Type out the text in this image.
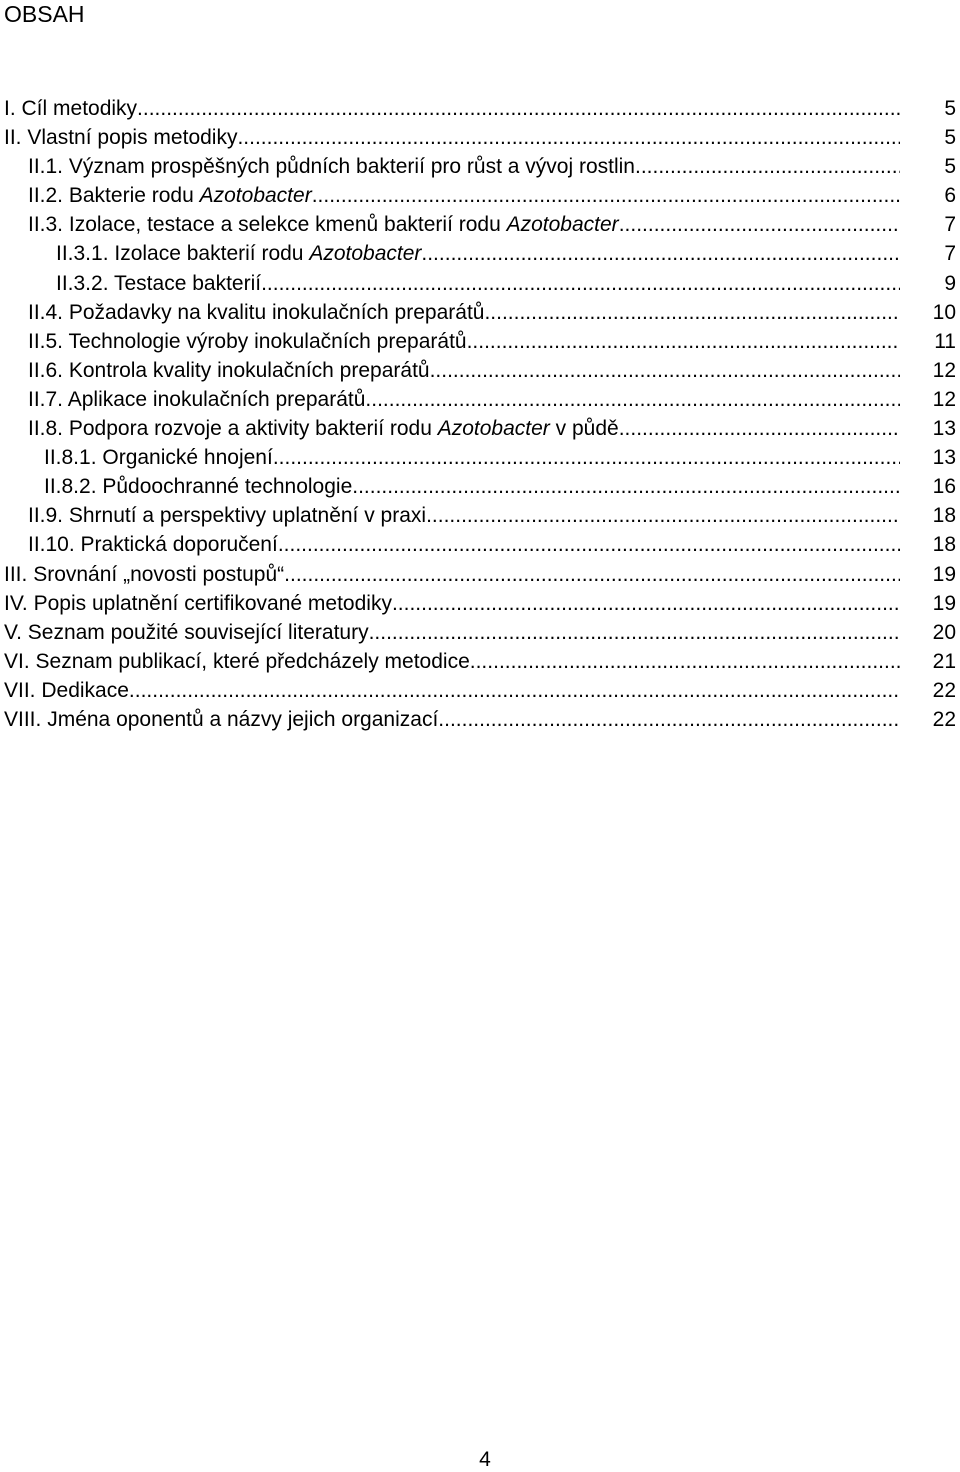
OBSAH
I. Cíl metodiky .....	5
II. Vlastní popis metodiky .....	5
II.1. Význam prospěšných půdních bakterií pro růst a vývoj rostlin .....	5
II.2. Bakterie rodu Azotobacter .....	6
II.3. Izolace, testace a selekce kmenů bakterií rodu Azotobacter .....	7
II.3.1. Izolace bakterií rodu Azotobacter .....	7
II.3.2. Testace bakterií .....	9
II.4. Požadavky na kvalitu inokulačních preparátů .....	10
II.5. Technologie výroby inokulačních preparátů .....	11
II.6. Kontrola kvality inokulačních preparátů .....	12
II.7. Aplikace inokulačních preparátů .....	12
II.8. Podpora rozvoje a aktivity bakterií rodu Azotobacter v půdě .....	13
II.8.1. Organické hnojení .....	13
II.8.2. Půdoochranné technologie .....	16
II.9. Shrnutí a perspektivy uplatnění v praxi .....	18
II.10. Praktická doporučení .....	18
III. Srovnání „novosti postupů“ .....	19
IV. Popis uplatnění certifikované metodiky .....	19
V. Seznam použité související literatury .....	20
VI. Seznam publikací, které předcházely metodice .....	21
VII. Dedikace .....	22
VIII. Jména oponentů a názvy jejich organizací .....	22
4
